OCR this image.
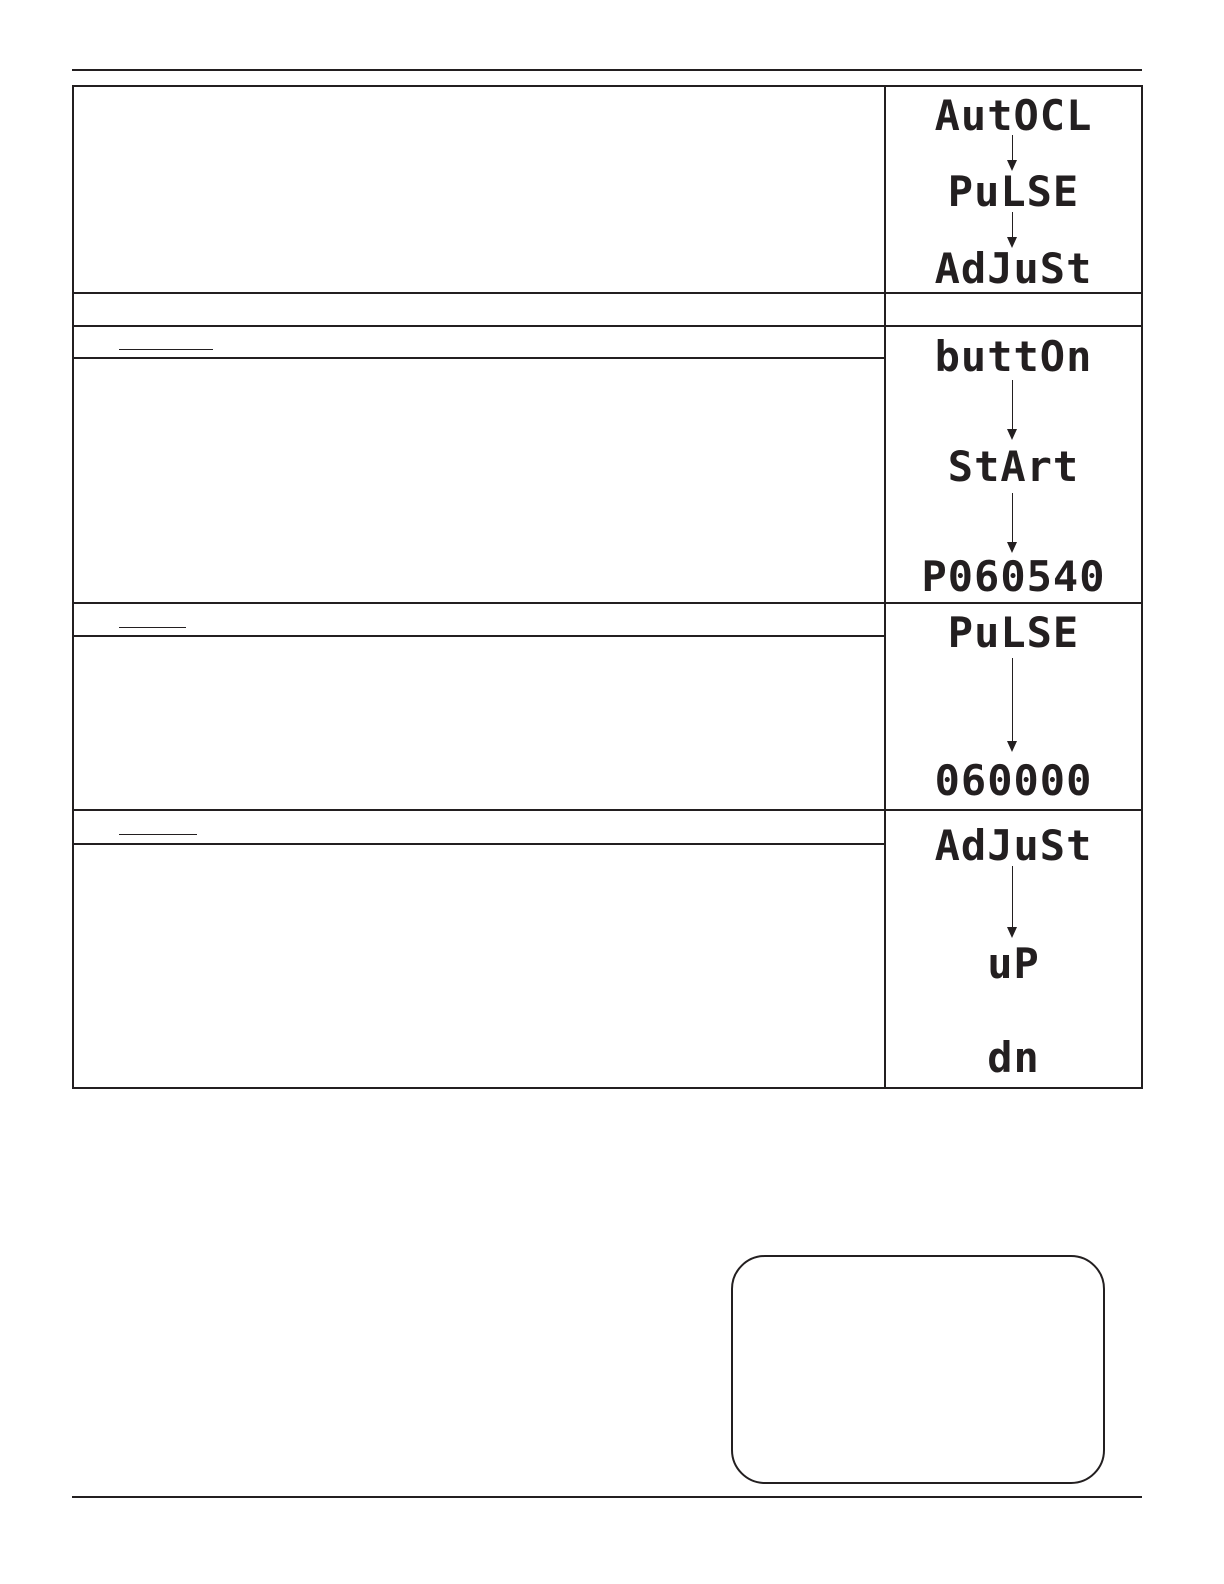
AutOCL
PuLSE
AdJuSt
buttOn
StArt
P060540
PuLSE
060000
AdJuSt
uP
dn
